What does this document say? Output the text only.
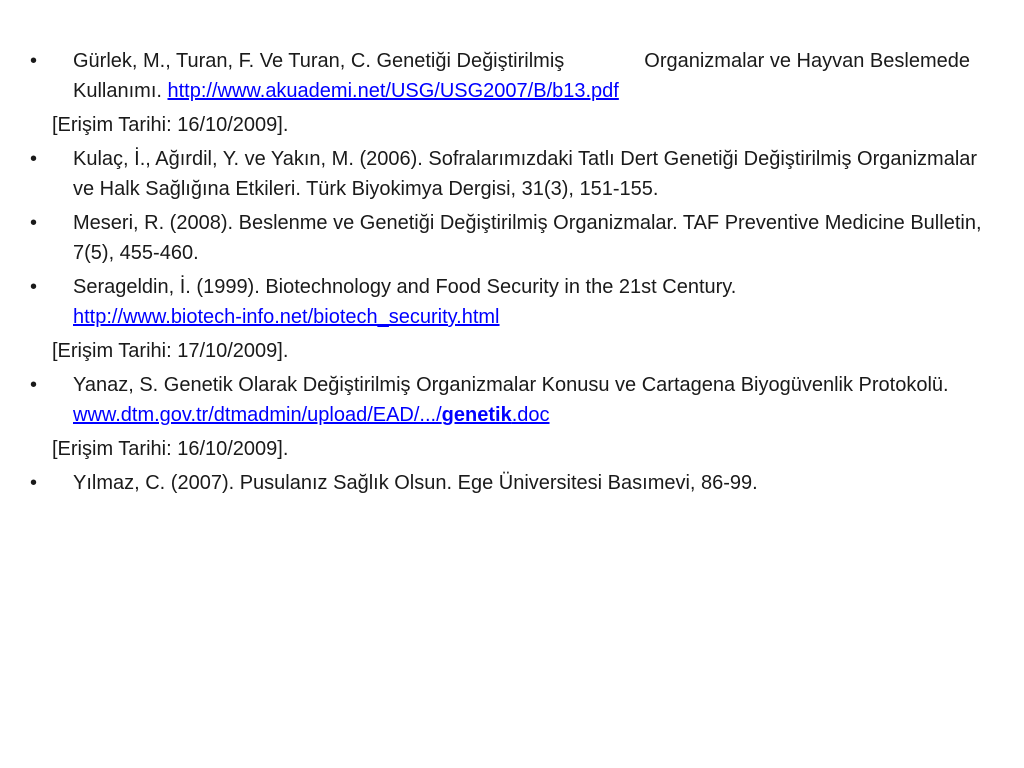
•	Gürlek, M., Turan, F. Ve Turan, C. Genetiği Değiştirilmiş	Organizmalar ve Hayvan Beslemede Kullanımı. http://www.akuademi.net/USG/USG2007/B/b13.pdf
[Erişim Tarihi: 16/10/2009].
•	Kulaç, İ., Ağırdil, Y. ve Yakın, M. (2006). Sofralarımızdaki Tatlı Dert Genetiği Değiştirilmiş Organizmalar ve Halk Sağlığına Etkileri. Türk Biyokimya Dergisi, 31(3), 151-155.
•	Meseri, R. (2008). Beslenme ve Genetiği Değiştirilmiş Organizmalar. TAF Preventive Medicine Bulletin, 7(5), 455-460.
•	Serageldin, İ. (1999). Biotechnology and Food Security in the 21st Century.
http://www.biotech-info.net/biotech_security.html
[Erişim Tarihi: 17/10/2009].
•	Yanaz, S. Genetik Olarak Değiştirilmiş Organizmalar Konusu ve Cartagena Biyogüvenlik Protokolü. www.dtm.gov.tr/dtmadmin/upload/EAD/.../genetik.doc
[Erişim Tarihi: 16/10/2009].
•	Yılmaz, C. (2007). Pusulanız Sağlık Olsun. Ege Üniversitesi Basımevi, 86-99.
